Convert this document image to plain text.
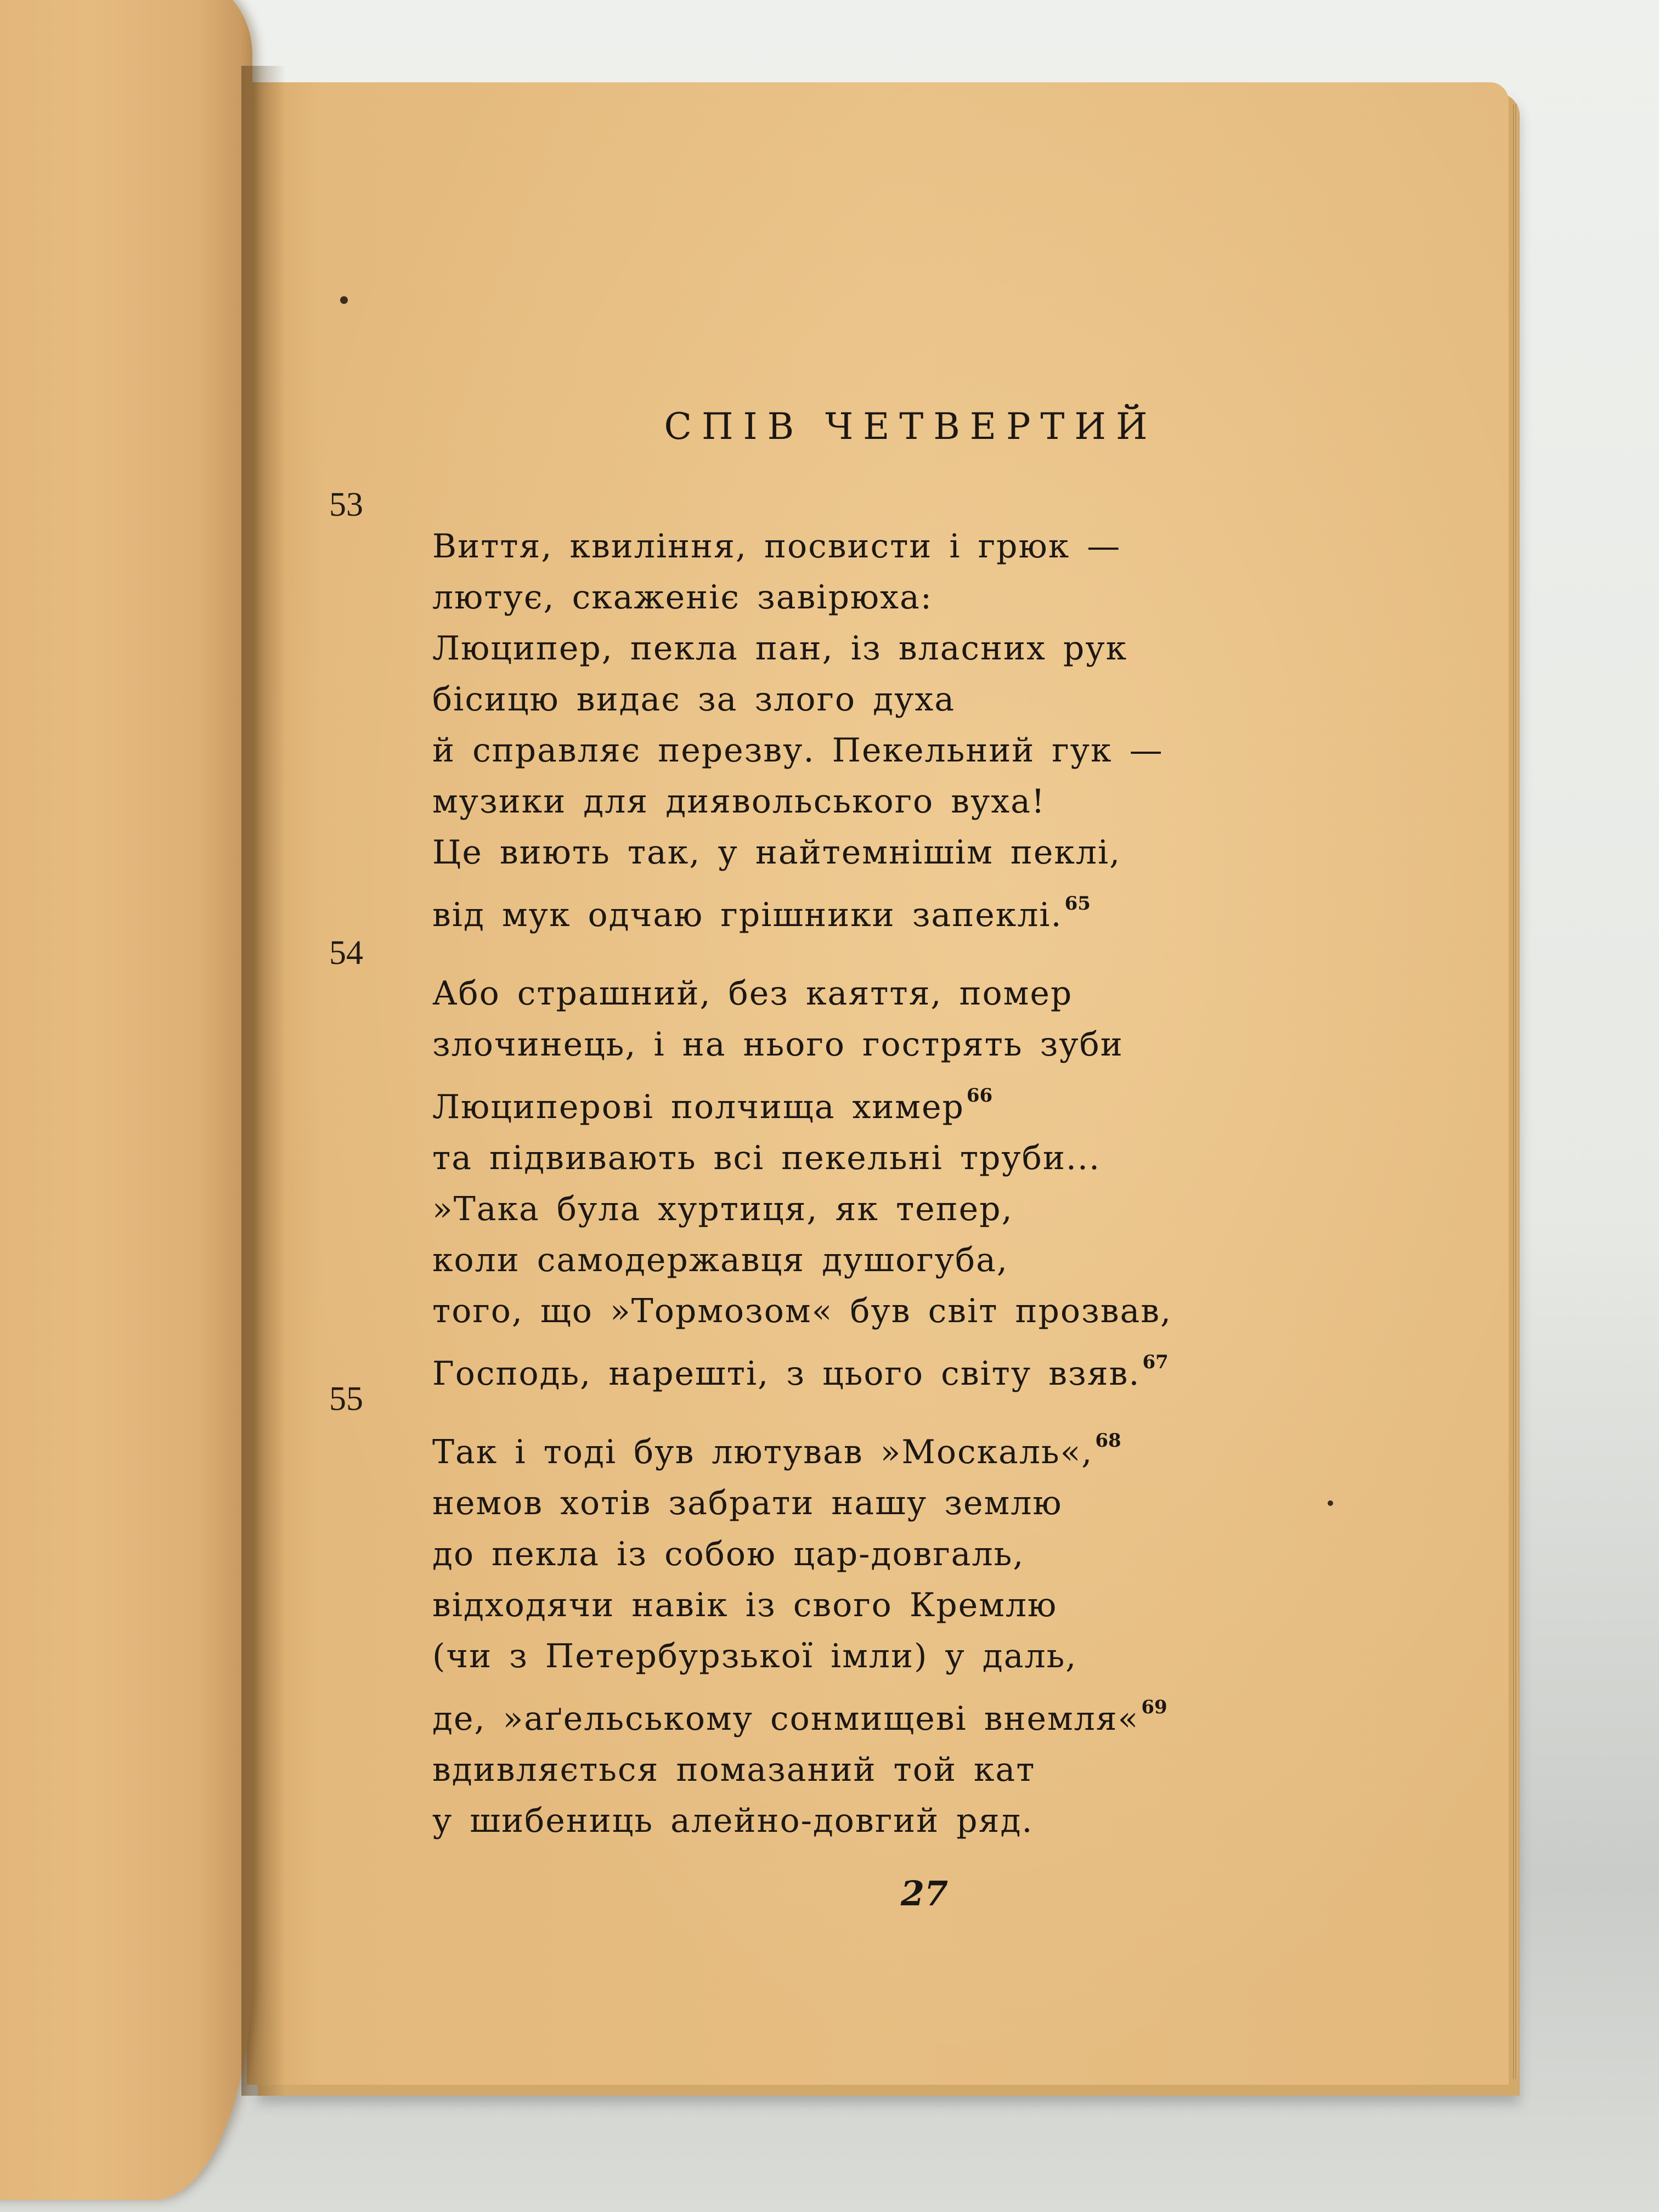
СПІВ ЧЕТВЕРТИЙ
53
Виття, квиління, посвисти і грюк —
лютує, скаженіє завірюха:
Люципер, пекла пан, із власних рук
бісицю видає за злого духа
й справляє перезву. Пекельний гук —
музики для диявольського вуха!
Це виють так, у найтемнішім пеклі,
від мук одчаю грішники запеклі. $^{65}$
54
Або страшний, без каяття, помер
злочинець, і на нього гострять зуби
Люциперові полчища химер $^{66}$
та підвивають всі пекельні труби...
»Така була хуртиця, як тепер,
коли самодержавця душогуба,
того, що »Тормозом« був світ прозвав,
Господь, нарешті, з цього світу взяв. $^{67}$
55
Так і тоді був лютував »Москаль«, $^{68}$
немов хотів забрати нашу землю
до пекла із собою цар-довгаль,
відходячи навік із свого Кремлю
(чи з Петербурзької імли) у даль,
де, »аґельському сонмищеві внемля« $^{69}$
вдивляється помазаний той кат
у шибениць алейно-довгий ряд.
27
